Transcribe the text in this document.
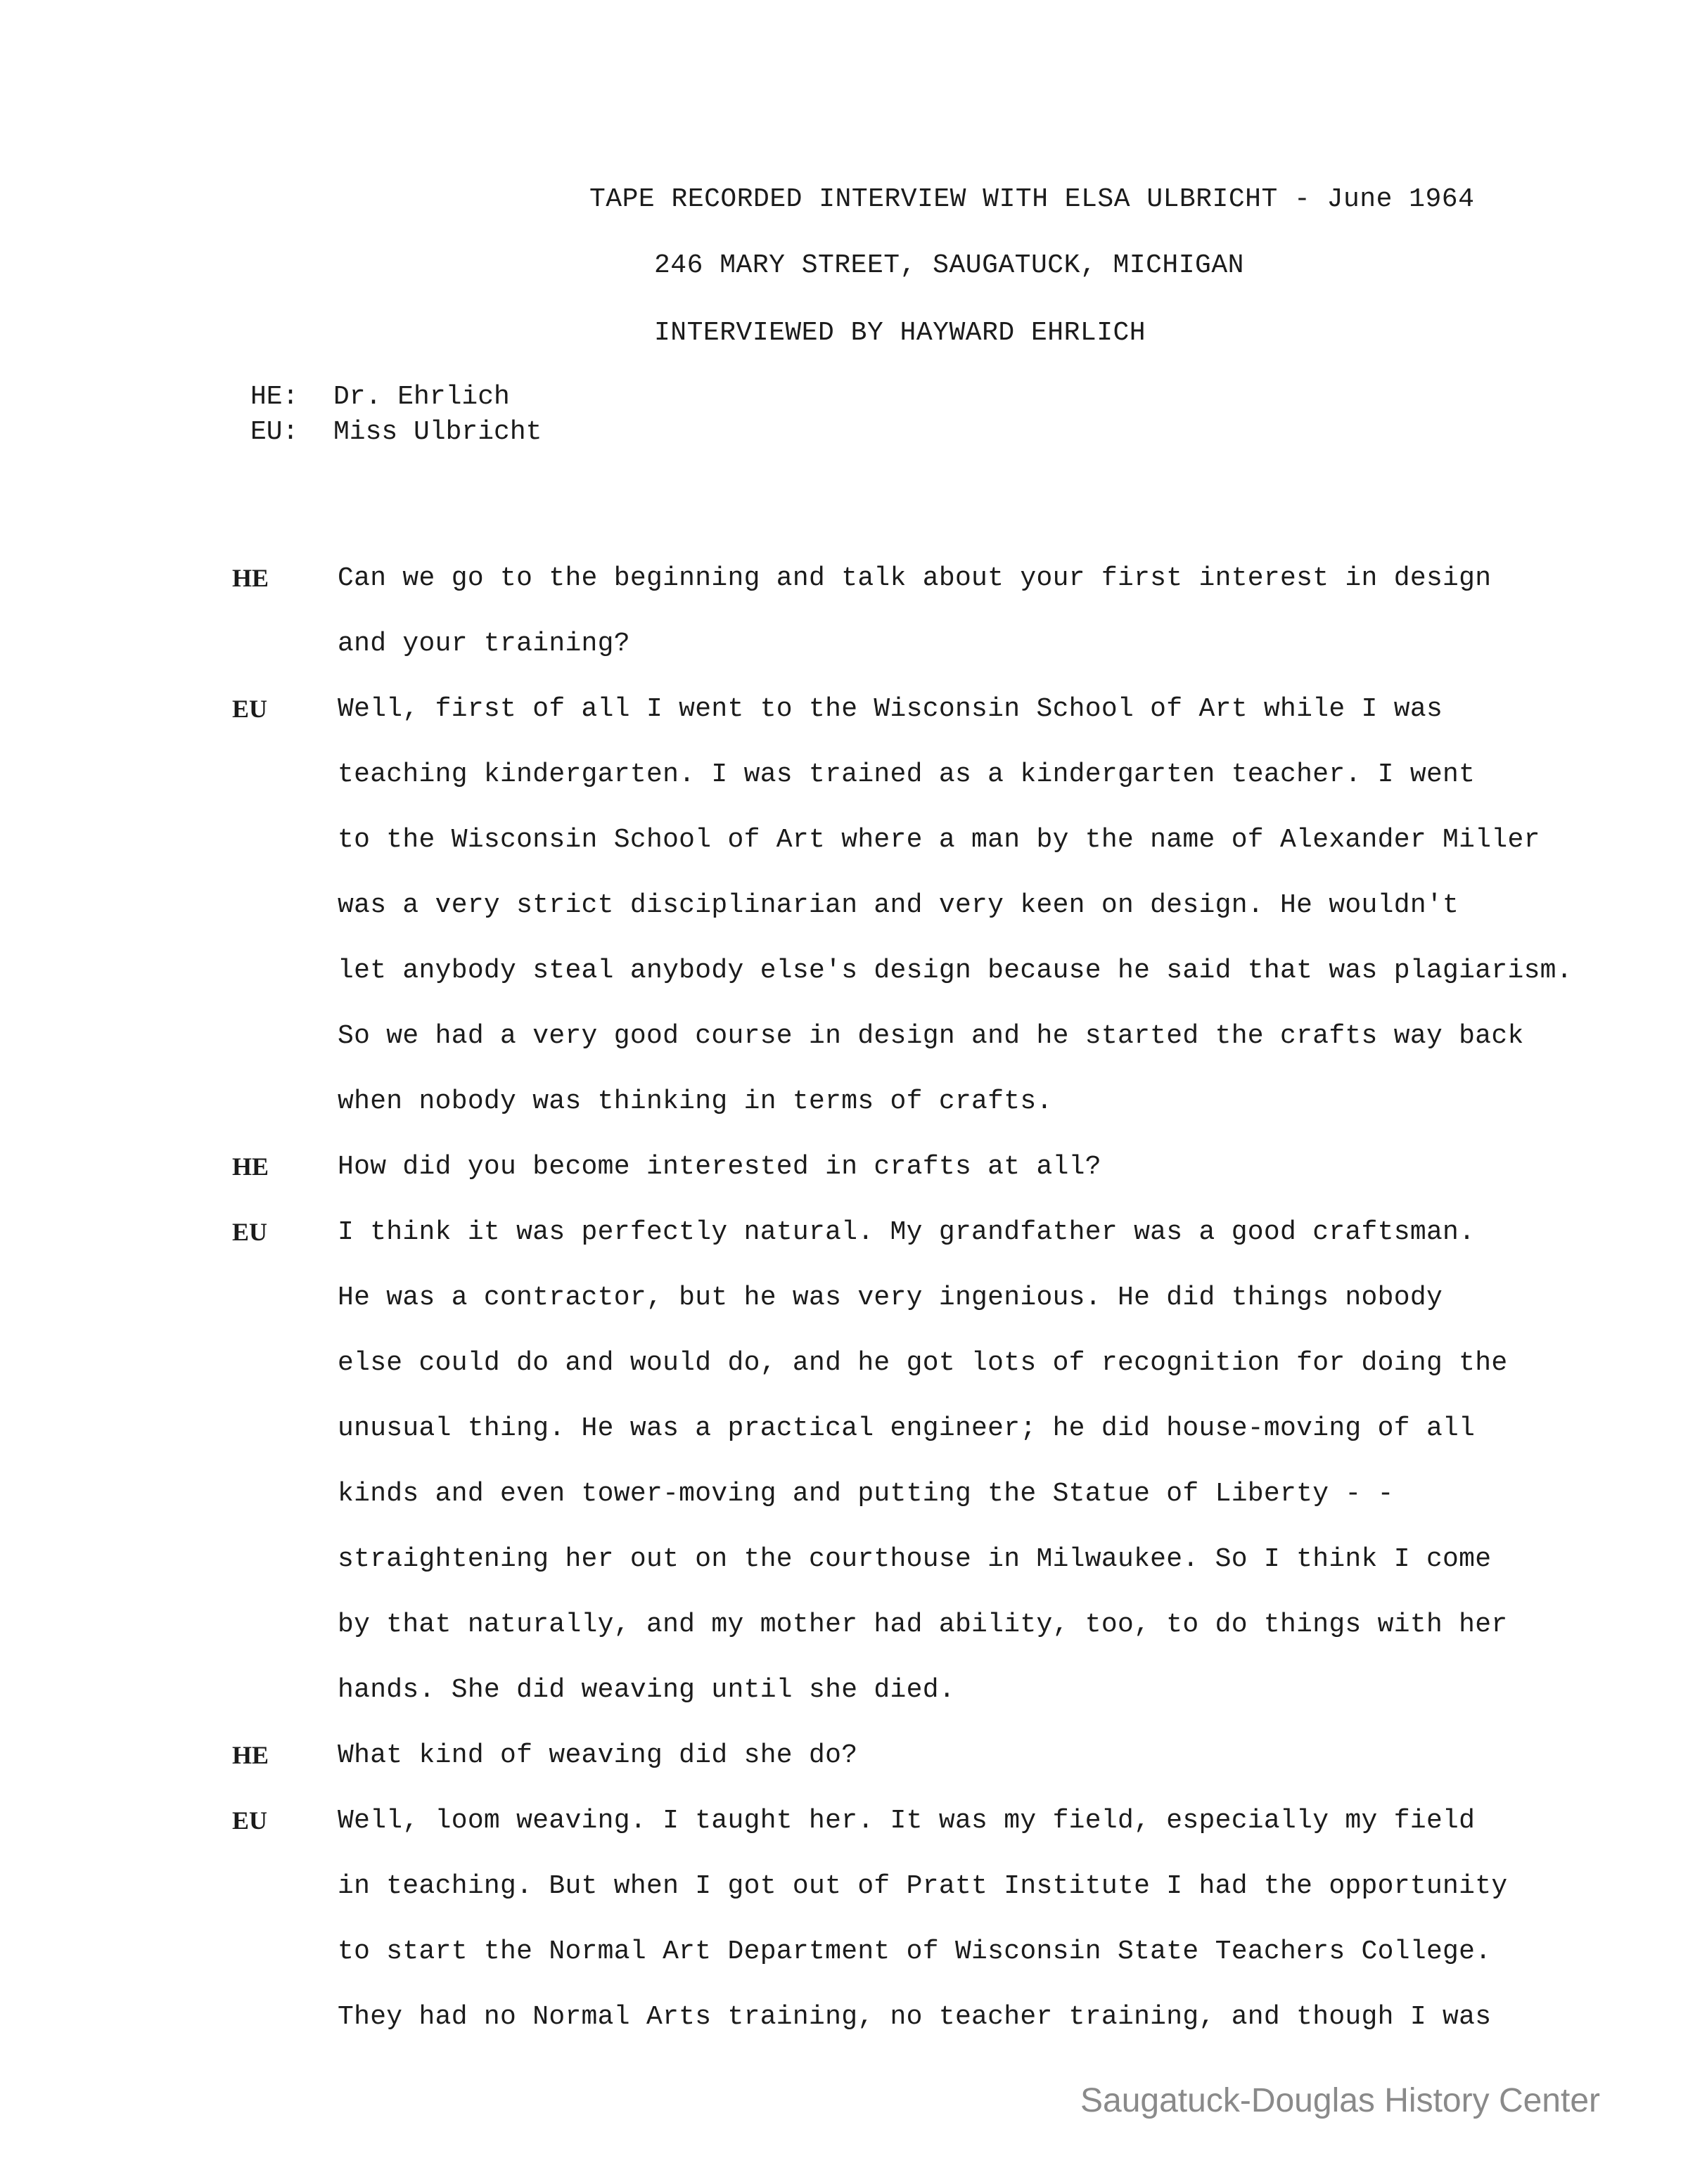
TAPE RECORDED INTERVIEW WITH ELSA ULBRICHT - June 1964
246 MARY STREET, SAUGATUCK, MICHIGAN
INTERVIEWED BY HAYWARD EHRLICH
HE: Dr. Ehrlich
EU: Miss Ulbricht
HE	Can we go to the beginning and talk about your first interest in design
and your training?
EU	Well, first of all I went to the Wisconsin School of Art while I was
teaching kindergarten. I was trained as a kindergarten teacher. I went
to the Wisconsin School of Art where a man by the name of Alexander Miller
was a very strict disciplinarian and very keen on design. He wouldn't
let anybody steal anybody else's design because he said that was plagiarism.
So we had a very good course in design and he started the crafts way back
when nobody was thinking in terms of crafts.
HE	How did you become interested in crafts at all?
EU	I think it was perfectly natural. My grandfather was a good craftsman.
He was a contractor, but he was very ingenious. He did things nobody
else could do and would do, and he got lots of recognition for doing the
unusual thing. He was a practical engineer; he did house-moving of all
kinds and even tower-moving and putting the Statue of Liberty - -
straightening her out on the courthouse in Milwaukee. So I think I come
by that naturally, and my mother had ability, too, to do things with her
hands. She did weaving until she died.
HE	What kind of weaving did she do?
EU	Well, loom weaving. I taught her. It was my field, especially my field
in teaching. But when I got out of Pratt Institute I had the opportunity
to start the Normal Art Department of Wisconsin State Teachers College.
They had no Normal Arts training, no teacher training, and though I was
Saugatuck-Douglas History Center
